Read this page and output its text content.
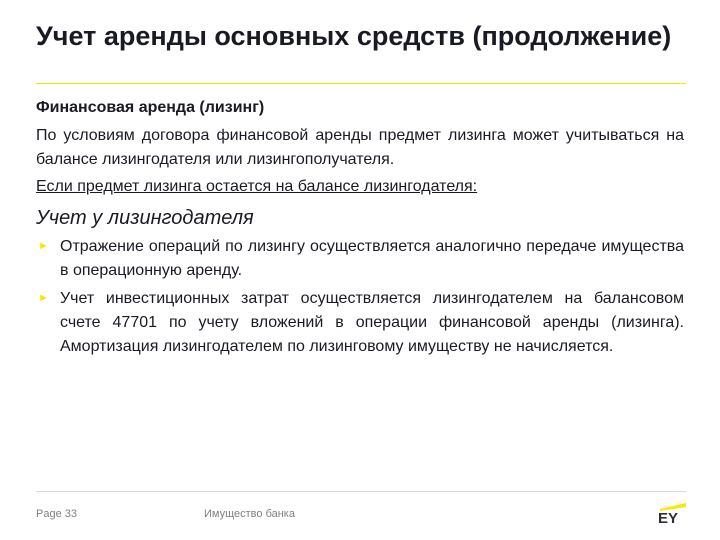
Учет аренды основных средств (продолжение)

Финансовая аренда (лизинг)

По условиям договора финансовой аренды предмет лизинга может учитываться на балансе лизингодателя или лизингополучателя.

Если предмет лизинга остается на балансе лизингодателя:

Учет у лизингодателя

► Отражение операций по лизингу осуществляется аналогично передаче имущества в операционную аренду.
► Учет инвестиционных затрат осуществляется лизингодателем на балансовом счете 47701 по учету вложений в операции финансовой аренды (лизинга). Амортизация лизингодателем по лизинговому имуществу не начисляется.
Page 33	Имущество банка	EY
